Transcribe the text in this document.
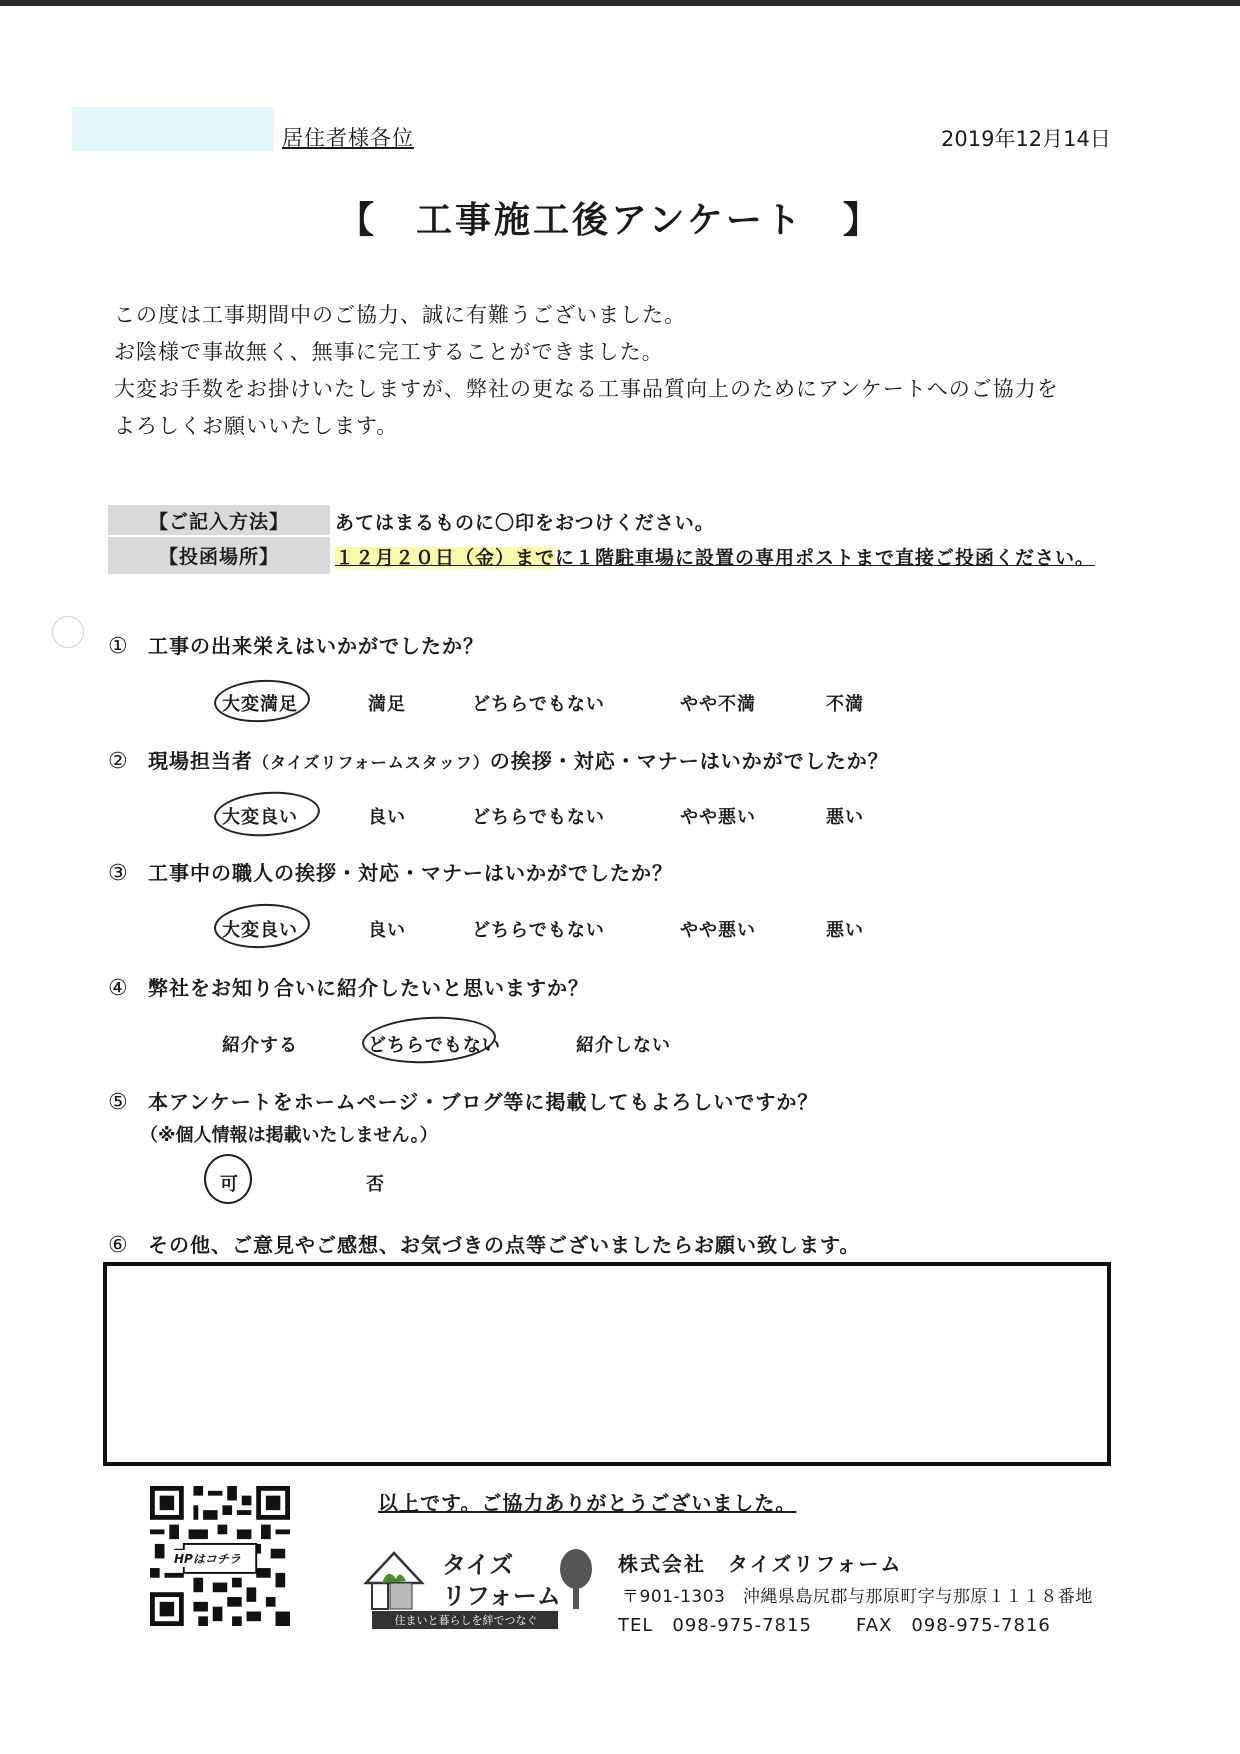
居住者様各位	2019年12月14日
【　工事施工後アンケート　】
この度は工事期間中のご協力、誠に有難うございました。
お陰様で事故無く、無事に完工することができました。
大変お手数をお掛けいたしますが、弊社の更なる工事品質向上のためにアンケートへのご協力を
よろしくお願いいたします。
【ご記入方法】	あてはまるものに〇印をおつけください。
【投函場所】	１２月２０日（金）までに１階駐車場に設置の専用ポストまで直接ご投函ください。
① 工事の出来栄えはいかがでしたか？
大変満足	満足	どちらでもない	やや不満	不満
② 現場担当者（タイズリフォームスタッフ）の挨拶・対応・マナーはいかがでしたか？
大変良い	良い	どちらでもない	やや悪い	悪い
③ 工事中の職人の挨拶・対応・マナーはいかがでしたか？
大変良い	良い	どちらでもない	やや悪い	悪い
④ 弊社をお知り合いに紹介したいと思いますか？
紹介する	どちらでもない	紹介しない
⑤ 本アンケートをホームページ・ブログ等に掲載してもよろしいですか？
（※個人情報は掲載いたしません。）
可	否
⑥ その他、ご意見やご感想、お気づきの点等ございましたらお願い致します。
以上です。ご協力ありがとうございました。
HPはコチラ	タイズ
リフォーム
住まいと暮らしを絆でつなぐ
株式会社　タイズリフォーム
〒901-1303　沖縄県島尻郡与那原町字与那原１１１８番地
TEL　098-975-7815 FAX　098-975-7816
